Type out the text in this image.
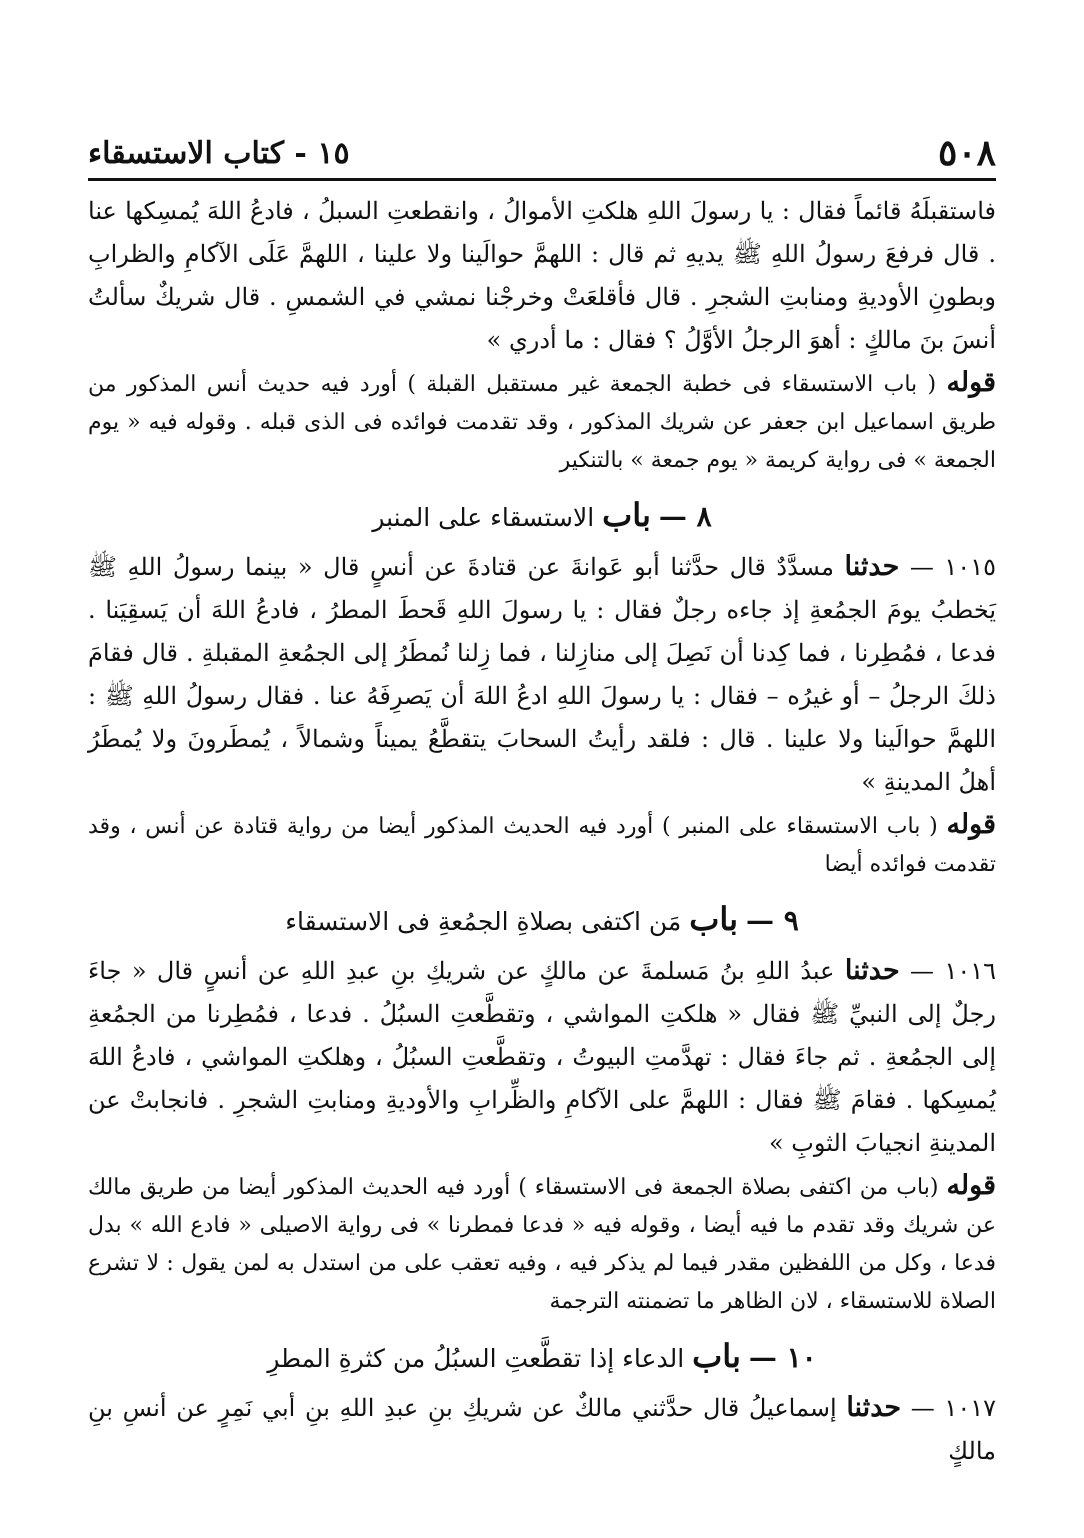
١٥ - كتاب الاستسقاء	٥٠٨

فاستقبلَهُ قائماً فقال : يا رسولَ اللهِ هلكتِ الأموالُ ، وانقطعتِ السبلُ ، فادعُ اللهَ يُمسِكها عنا . قال فرفعَ رسولُ اللهِ ﷺ يديهِ ثم قال : اللهمَّ حوالَينا ولا علينا ، اللهمَّ عَلَى الآكامِ والظرابِ وبطونِ الأوديةِ ومنابتِ الشجرِ . قال فأقلعَتْ وخرجْنا نمشي في الشمسِ . قال شريكٌ سألتُ أنسَ بنَ مالكٍ : أهوَ الرجلُ الأوَّلُ ؟ فقال : ما أدري »

قوله ( باب الاستسقاء فى خطبة الجمعة غير مستقبل القبلة ) أورد فيه حديث أنس المذكور من طريق اسماعيل ابن جعفر عن شريك المذكور ، وقد تقدمت فوائده فى الذى قبله . وقوله فيه « يوم الجمعة » فى رواية كريمة « يوم جمعة » بالتنكير

٨ — باب الاستسقاء على المنبر

١٠١٥ — حدثنا مسدَّدٌ قال حدَّثنا أبو عَوانةَ عن قتادةَ عن أنسٍ قال « بينما رسولُ اللهِ ﷺ يَخطبُ يومَ الجمُعةِ إذ جاءه رجلٌ فقال : يا رسولَ اللهِ قَحطَ المطرُ ، فادعُ اللهَ أن يَسقِيَنا . فدعا ، فمُطِرنا ، فما كِدنا أن نَصِلَ إلى منازِلنا ، فما زِلنا نُمطَرُ إلى الجمُعةِ المقبلةِ . قال فقامَ ذلكَ الرجلُ – أو غيرُه – فقال : يا رسولَ اللهِ ادعُ اللهَ أن يَصرِفَهُ عنا . فقال رسولُ اللهِ ﷺ : اللهمَّ حوالَينا ولا علينا . قال : فلقد رأيتُ السحابَ يتقطَّعُ يميناً وشمالاً ، يُمطَرونَ ولا يُمطَرُ أهلُ المدينةِ »

قوله ( باب الاستسقاء على المنبر ) أورد فيه الحديث المذكور أيضا من رواية قتادة عن أنس ، وقد تقدمت فوائده أيضا

٩ — باب مَن اكتفى بصلاةِ الجمُعةِ فى الاستسقاء

١٠١٦ — حدثنا عبدُ اللهِ بنُ مَسلمةَ عن مالكٍ عن شريكِ بنِ عبدِ اللهِ عن أنسٍ قال « جاءَ رجلٌ إلى النبيِّ ﷺ فقال « هلكتِ المواشي ، وتقطَّعتِ السبُلُ . فدعا ، فمُطِرنا من الجمُعةِ إلى الجمُعةِ . ثم جاءَ فقال : تهدَّمتِ البيوتُ ، وتقطَّعتِ السبُلُ ، وهلكتِ المواشي ، فادعُ اللهَ يُمسِكها . فقامَ ﷺ فقال : اللهمَّ على الآكامِ والظِّرابِ والأوديةِ ومنابتِ الشجرِ . فانجابتْ عن المدينةِ انجيابَ الثوبِ »

قوله (باب من اكتفى بصلاة الجمعة فى الاستسقاء ) أورد فيه الحديث المذكور أيضا من طريق مالك عن شريك وقد تقدم ما فيه أيضا ، وقوله فيه « فدعا فمطرنا » فى رواية الاصيلى « فادع الله » بدل فدعا ، وكل من اللفظين مقدر فيما لم يذكر فيه ، وفيه تعقب على من استدل به لمن يقول : لا تشرع الصلاة للاستسقاء ، لان الظاهر ما تضمنته الترجمة

١٠ — باب الدعاء إذا تقطَّعتِ السبُلُ من كثرةِ المطرِ

١٠١٧ — حدثنا إسماعيلُ قال حدَّثني مالكٌ عن شريكِ بنِ عبدِ اللهِ بنِ أبي نَمِرٍ عن أنسِ بنِ مالكٍ
